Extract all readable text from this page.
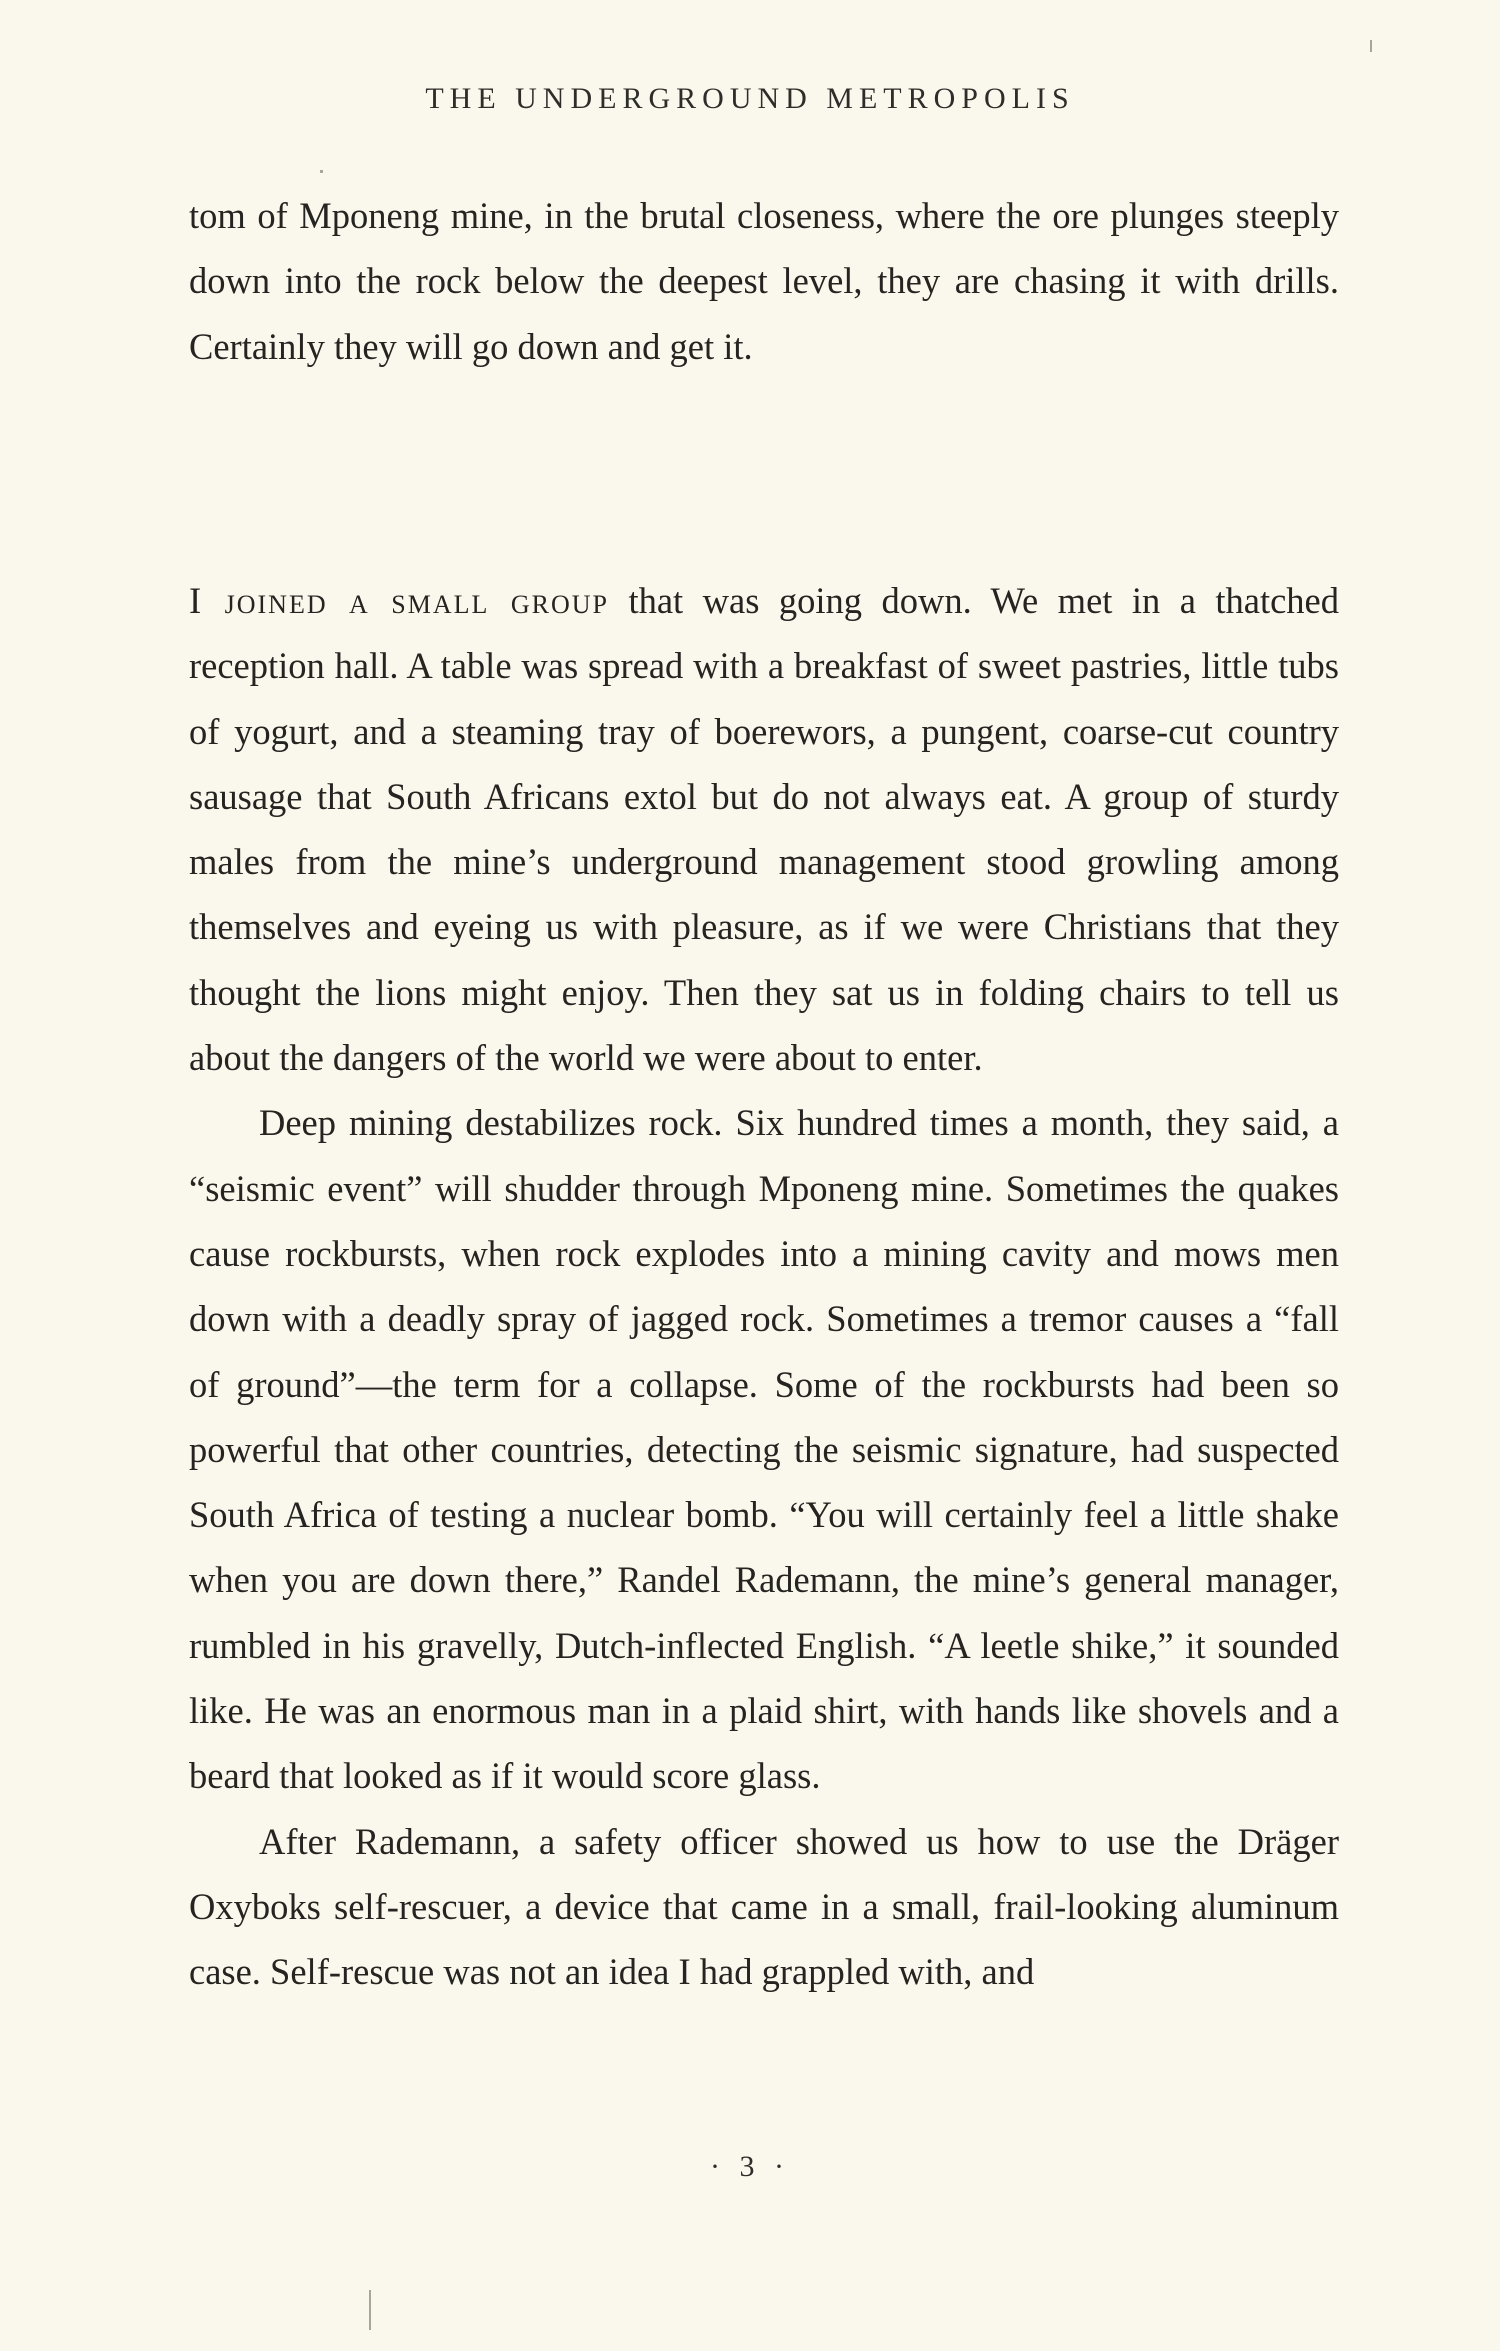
THE UNDERGROUND METROPOLIS

tom of Mponeng mine, in the brutal closeness, where the ore plunges steeply down into the rock below the deepest level, they are chasing it with drills. Certainly they will go down and get it.

I joined a small group that was going down. We met in a thatched reception hall. A table was spread with a breakfast of sweet pastries, little tubs of yogurt, and a steaming tray of boerewors, a pungent, coarse-cut country sausage that South Africans extol but do not always eat. A group of sturdy males from the mine’s underground management stood growling among themselves and eyeing us with pleasure, as if we were Christians that they thought the lions might enjoy. Then they sat us in folding chairs to tell us about the dangers of the world we were about to enter.

Deep mining destabilizes rock. Six hundred times a month, they said, a “seismic event” will shudder through Mponeng mine. Sometimes the quakes cause rockbursts, when rock explodes into a mining cavity and mows men down with a deadly spray of jagged rock. Sometimes a tremor causes a “fall of ground”—the term for a collapse. Some of the rockbursts had been so powerful that other countries, detecting the seismic signature, had suspected South Africa of testing a nuclear bomb. “You will certainly feel a little shake when you are down there,” Randel Rademann, the mine’s general manager, rumbled in his gravelly, Dutch-inflected English. “A leetle shike,” it sounded like. He was an enormous man in a plaid shirt, with hands like shovels and a beard that looked as if it would score glass.

After Rademann, a safety officer showed us how to use the Dräger Oxyboks self-rescuer, a device that came in a small, frail-looking aluminum case. Self-rescue was not an idea I had grappled with, and

· 3 ·
